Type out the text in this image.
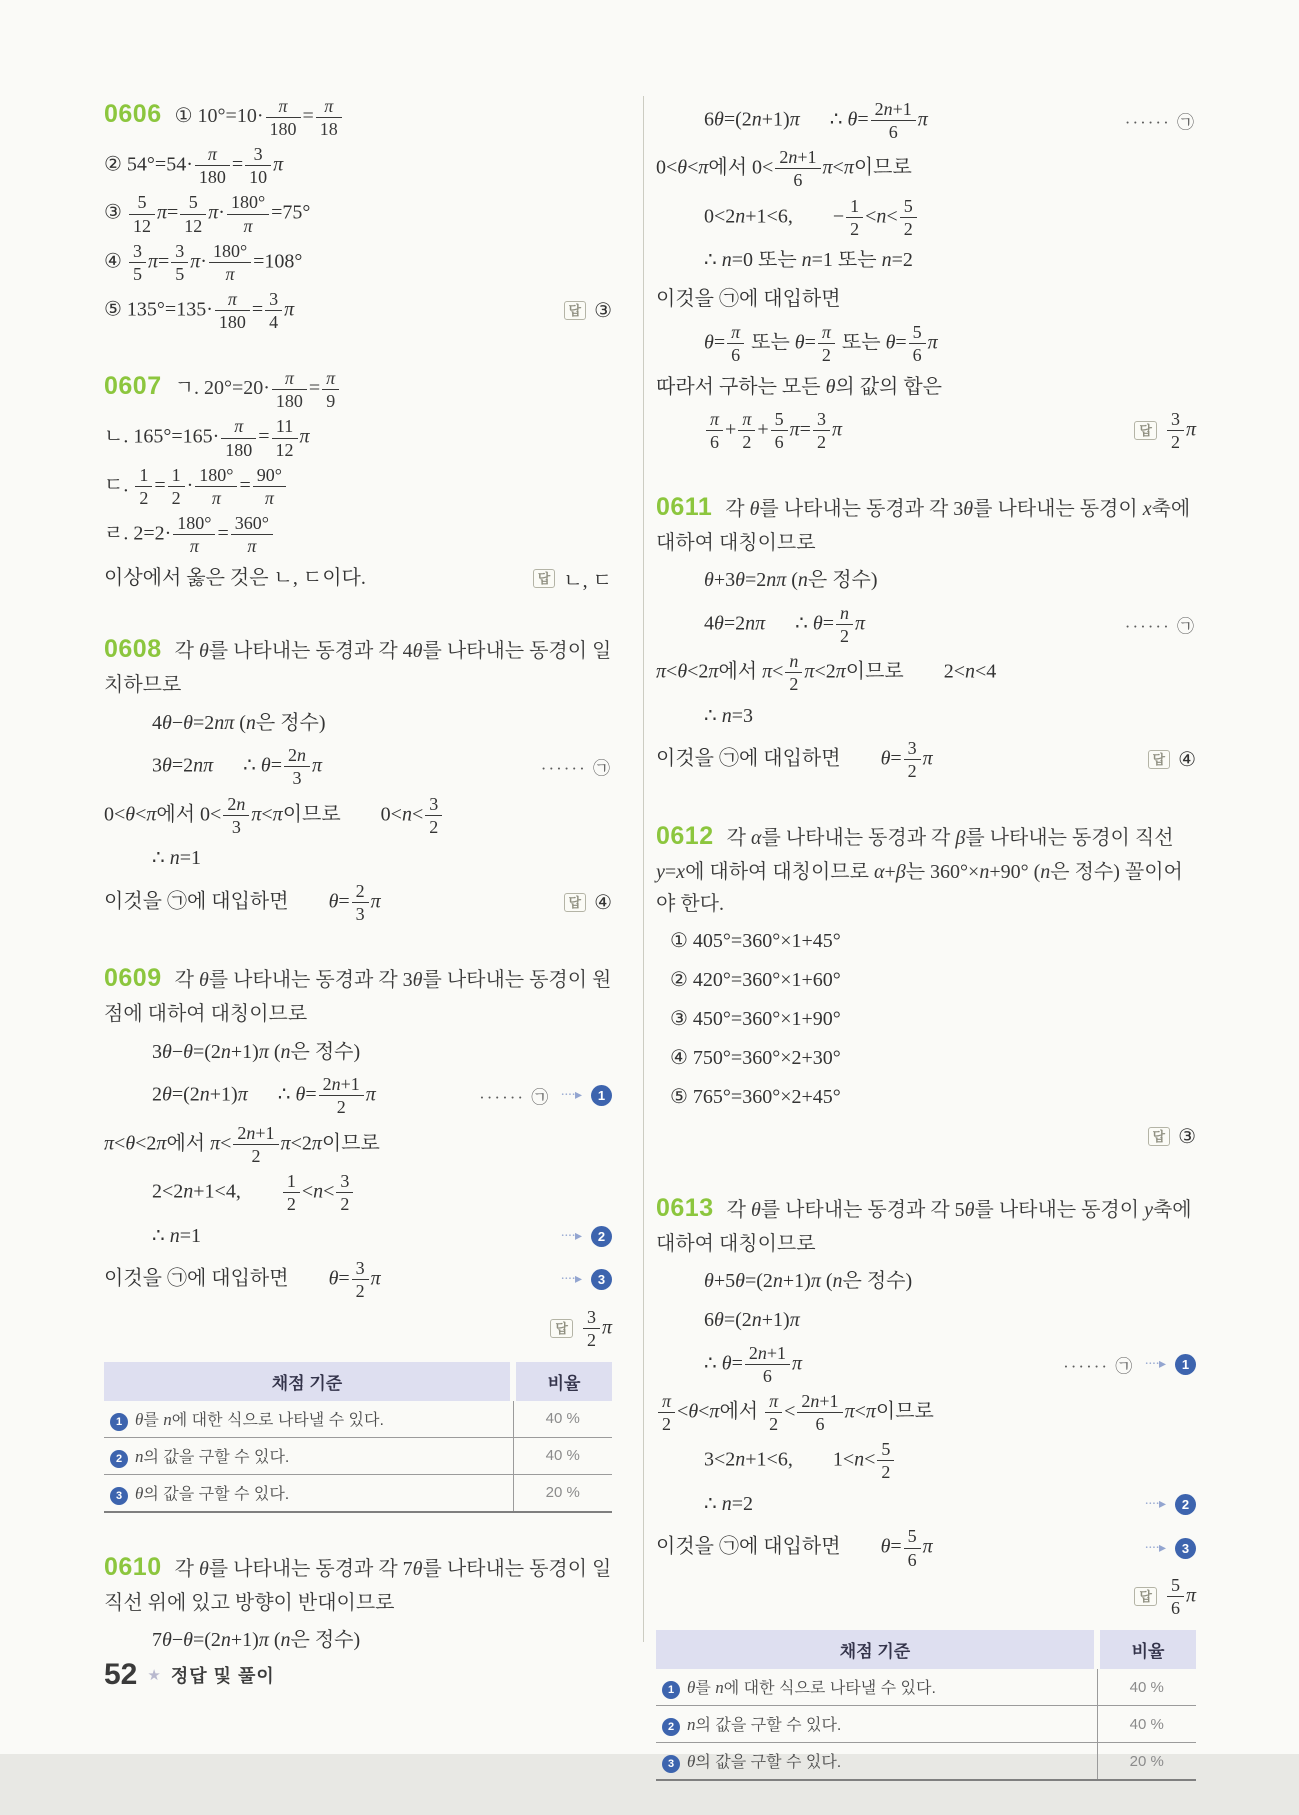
0606 ① $10^\circ=10\cdot \frac{\pi}{180} = \frac{\pi}{18}$
② $54^\circ=54\cdot \frac{\pi}{180} = \frac{3}{10}$ π
③ $\frac{5}{12} \pi= \frac{5}{12} \pi\cdot \frac{180^\circ}{\pi} =75^\circ$
④ $\frac{3}{5} \pi= \frac{3}{5} \pi\cdot \frac{180^\circ}{\pi} =108^\circ$
⑤ $135^\circ=135\cdot \frac{\pi}{180} = \frac{3}{4}$ π	답 ③
0607 ㄱ. $20^\circ=20\cdot \frac{\pi}{180} = \frac{\pi}{9}$
ㄴ. $165^\circ=165\cdot \frac{\pi}{180} = \frac{11}{12}$ π
ㄷ. $\frac{1}{2} = \frac{1}{2} \cdot \frac{180^\circ}{\pi} = \frac{90^\circ}{\pi}$
ㄹ. $2=2\cdot \frac{180^\circ}{\pi} = \frac{360^\circ}{\pi}$
이상에서 옳은 것은 ㄴ, ㄷ이다.	답 ㄴ, ㄷ
0608 각 θ를 나타내는 동경과 각 4θ를 나타내는 동경이 일치하므로
4θ−θ=2nπ (n은 정수)
3θ=2nπ  ∴ $\theta= \frac{2n}{3}$ π	······ ㉠
0<θ<π에서 $0< \frac{2n}{3} \pi<\pi$이므로  $0<n< \frac{3}{2}$
∴ n=1
이것을 ㉠에 대입하면  $\theta= \frac{2}{3}$ π	답 ④
0609 각 θ를 나타내는 동경과 각 3θ를 나타내는 동경이 원점에 대하여 대칭이므로
3θ−θ=(2n+1)π (n은 정수)
2θ=(2n+1)π  ∴ $\theta= \frac{2n+1}{2}$ π	······ ㉠ ····▸	1
π<θ<2π에서 $\pi< \frac{2n+1}{2} \pi<2\pi$이므로
2<2n+1<4,   $\frac{1}{2} <n< \frac{3}{2}$
∴ n=1	····▸	2
이것을 ㉠에 대입하면  $\theta= \frac{3}{2}$ π	····▸	3
답 $\frac{3}{2}$ π
채점 기준	비율
1 θ를 n에 대한 식으로 나타낼 수 있다.	40 %
2 n의 값을 구할 수 있다.	40 %
3 θ의 값을 구할 수 있다.	20 %
0610 각 θ를 나타내는 동경과 각 7θ를 나타내는 동경이 일직선 위에 있고 방향이 반대이므로
7θ−θ=(2n+1)π (n은 정수)
6θ=(2n+1)π  ∴ $\theta= \frac{2n+1}{6}$ π	······ ㉠
0<θ<π에서 $0< \frac{2n+1}{6} \pi<\pi$이므로
0<2n+1<6,  − $\frac{1}{2} <n< \frac{5}{2}$
∴ n=0 또는 n=1 또는 n=2
이것을 ㉠에 대입하면
$\theta= \frac{\pi}{6}$ 또는 $\theta= \frac{\pi}{2}$ 또는 $\theta= \frac{5}{6}$ π
따라서 구하는 모든 θ의 값의 합은
$\frac{\pi}{6} + \frac{\pi}{2} + \frac{5}{6} \pi= \frac{3}{2}$ π	답 $\frac{3}{2}$ π
0611 각 θ를 나타내는 동경과 각 3θ를 나타내는 동경이 x축에 대하여 대칭이므로
θ+3θ=2nπ (n은 정수)
4θ=2nπ  ∴ $\theta= \frac{n}{2}$ π	······ ㉠
π<θ<2π에서 $\pi< \frac{n}{2} \pi<2\pi$이므로  2<n<4
∴ n=3
이것을 ㉠에 대입하면  $\theta= \frac{3}{2}$ π	답 ④
0612 각 α를 나타내는 동경과 각 β를 나타내는 동경이 직선 y=x에 대하여 대칭이므로 α+β는 360°×n+90° (n은 정수) 꼴이어야 한다.
① 405°=360°×1+45°
② 420°=360°×1+60°
③ 450°=360°×1+90°
④ 750°=360°×2+30°
⑤ 765°=360°×2+45°
답 ③
0613 각 θ를 나타내는 동경과 각 5θ를 나타내는 동경이 y축에 대하여 대칭이므로
θ+5θ=(2n+1)π (n은 정수)
6θ=(2n+1)π
∴ $\theta= \frac{2n+1}{6}$ π	······ ㉠ ····▸	1
$\frac{\pi}{2} <\theta<\pi$에서 $\frac{\pi}{2} < \frac{2n+1}{6} \pi<\pi$이므로
3<2n+1<6,  $1<n< \frac{5}{2}$
∴ n=2	····▸	2
이것을 ㉠에 대입하면  $\theta= \frac{5}{6}$ π	····▸	3
답 $\frac{5}{6}$ π
채점 기준	비율
1 θ를 n에 대한 식으로 나타낼 수 있다.	40 %
2 n의 값을 구할 수 있다.	40 %
3 θ의 값을 구할 수 있다.	20 %
52 ★ 정답 및 풀이
